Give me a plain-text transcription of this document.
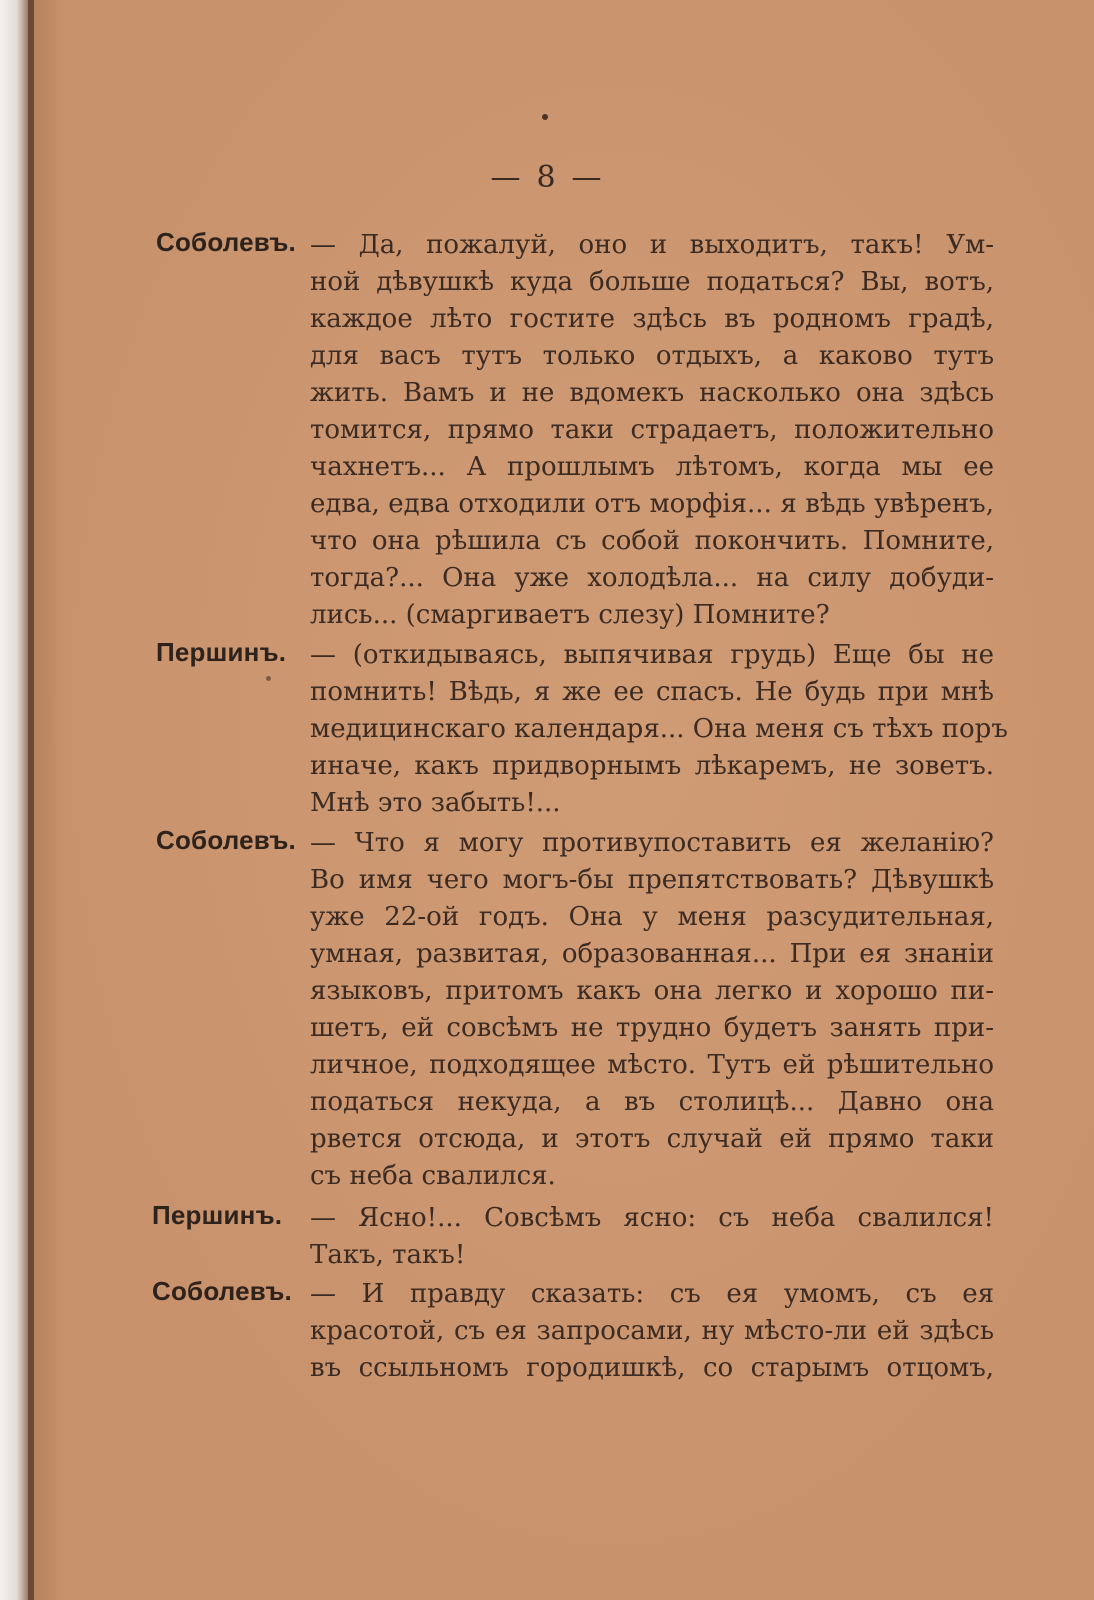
— 8 —
Соболевъ. — Да, пожалуй, оно и выходитъ, такъ! Ум-
ной дѣвушкѣ куда больше податься? Вы, вотъ,
каждое лѣто гостите здѣсь въ родномъ градѣ,
для васъ тутъ только отдыхъ, а каково тутъ
жить. Вамъ и не вдомекъ насколько она здѣсь
томится, прямо таки страдаетъ, положительно
чахнетъ... А прошлымъ лѣтомъ, когда мы ее
едва, едва отходили отъ морфія... я вѣдь увѣренъ,
что она рѣшила съ собой покончить. Помните,
тогда?... Она уже холодѣла... на силу добуди-
лись... (смаргиваетъ слезу) Помните?
Першинъ. — (откидываясь, выпячивая грудь) Еще бы не
помнить! Вѣдь, я же ее спасъ. Не будь при мнѣ
медицинскаго календаря... Она меня съ тѣхъ поръ
иначе, какъ придворнымъ лѣкаремъ, не зоветъ.
Мнѣ это забыть!...
Соболевъ. — Что я могу противупоставить ея желанію?
Во имя чего могъ-бы препятствовать? Дѣвушкѣ
уже 22-ой годъ. Она у меня разсудительная,
умная, развитая, образованная... При ея знаніи
языковъ, притомъ какъ она легко и хорошо пи-
шетъ, ей совсѣмъ не трудно будетъ занять при-
личное, подходящее мѣсто. Тутъ ей рѣшительно
податься некуда, а въ столицѣ... Давно она
рвется отсюда, и этотъ случай ей прямо таки
съ неба свалился.
Першинъ. — Ясно!... Совсѣмъ ясно: съ неба свалился!
Такъ, такъ!
Соболевъ. — И правду сказать: съ ея умомъ, съ ея
красотой, съ ея запросами, ну мѣсто-ли ей здѣсь
въ ссыльномъ городишкѣ, со старымъ отцомъ,
